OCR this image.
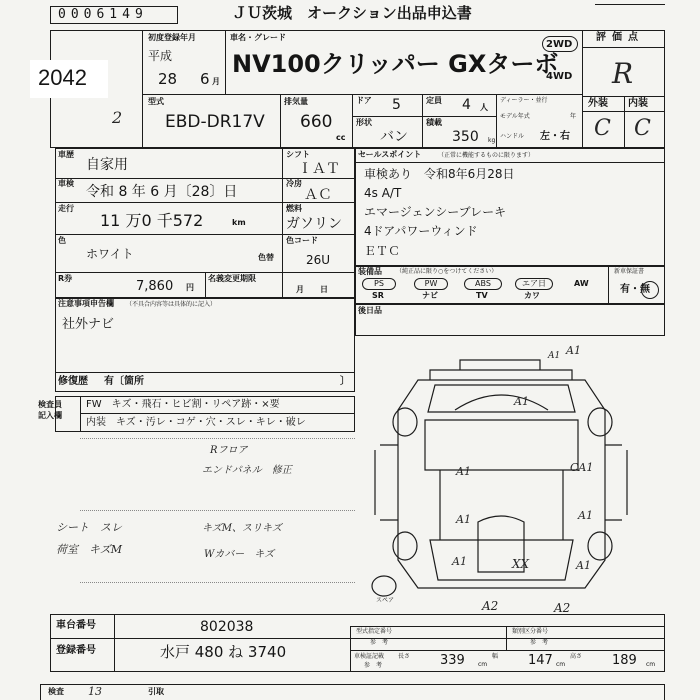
0006149	ＪＵ茨城　オークション出品申込書
2042
2
初度登録年月
平成
28 6 月
車名・グレード
NV100クリッパー GXターボ
2WD
4WD
評価点
R
外装 内装
C C
型式
EBD-DR17V
排気量
660
cc
ドア 5	定員 4 人
ディーラー・並行
モデル年式	年
形状
バン
積載
350 kg
ハンドル 左・右
車歴
自家用
シフト
ＩＡＴ
車検
令和 8 年 6 月〔28〕日
冷房
ＡＣ
走行
11 万0 千572	km
燃料
ガソリン
色
ホワイト	色替
色コード
26U
R券
7,860 円
名義変更期限
月　　日
注意事項申告欄 （不具合内容等は具体的に記入）
社外ナビ
修復歴 有〔箇所	〕
セールスポイント	（正常に機能するものに限ります）
車検あり　令和8年6月28日
4s A/T
エマージェンシーブレーキ
4ドアパワーウィンド
ＥＴＣ
装備品 （純正品に限り○をつけてください）	新車保証書
有・無
PS	PW	ABS	エア日	AW
SR	ナビ	TV	カワ
後日品
検査員記入欄
FW　キズ・飛石・ヒビ割・リペア跡・×要
内装　キズ・汚レ・コゲ・穴・スレ・キレ・破レ
Rフロア
エンドパネル　修正
シート　スレ
荷室　キズM
キズM、スリキズ
Wカバー　キズ
A1
A1
A1
A1	A1
A1	A1
A1
CA1
XX
A2	A2
スペア
車台番号	802038
登録番号	水戸 480 ね 3740
型式指定番号
参　考
類別区分番号
参　考
車検証記載
参　考
長さ 339 cm
幅 147 cm
高さ 189 cm
検査 13	引取
